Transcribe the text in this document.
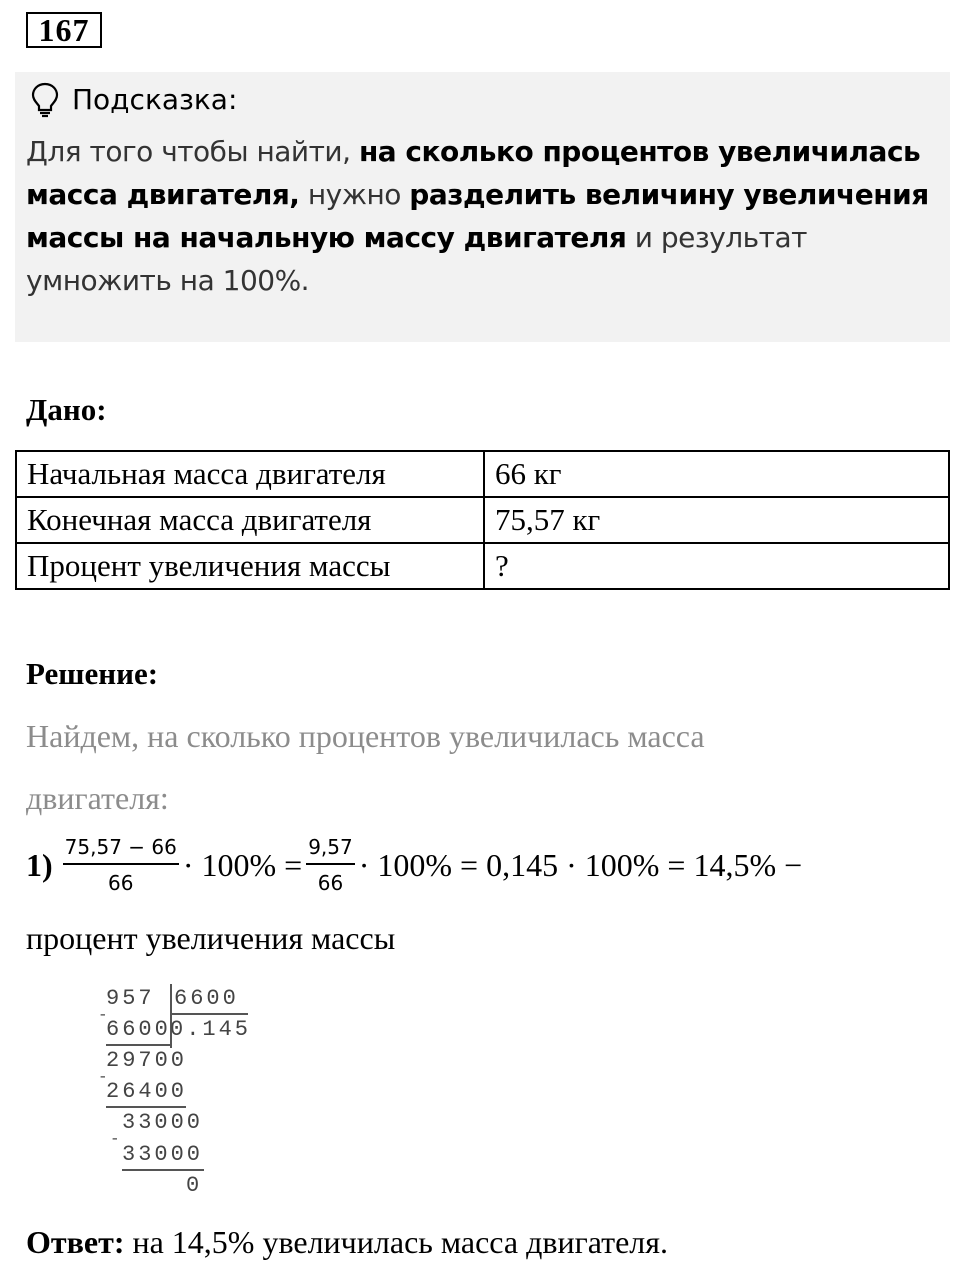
167
Подсказка:
Для того чтобы найти, на сколько процентов увеличилась масса двигателя, нужно разделить величину увеличения массы на начальную массу двигателя и результат умножить на 100%.
Дано:
Начальная масса двигателя	66 кг
Конечная масса двигателя	75,57 кг
Процент увеличения массы	?
Решение:
Найдем, на сколько процентов увеличилась масса
двигателя:
$1) \frac{75,57 - 66}{66} \cdot 100\% = \frac{9,57}{66} \cdot 100\% = 0,145 \cdot 100\% = 14,5\%$ −
процент увеличения массы
957 6600
-
6600 0.145
29700
-
26400
33000
-
33000
0
Ответ: на 14,5% увеличилась масса двигателя.
